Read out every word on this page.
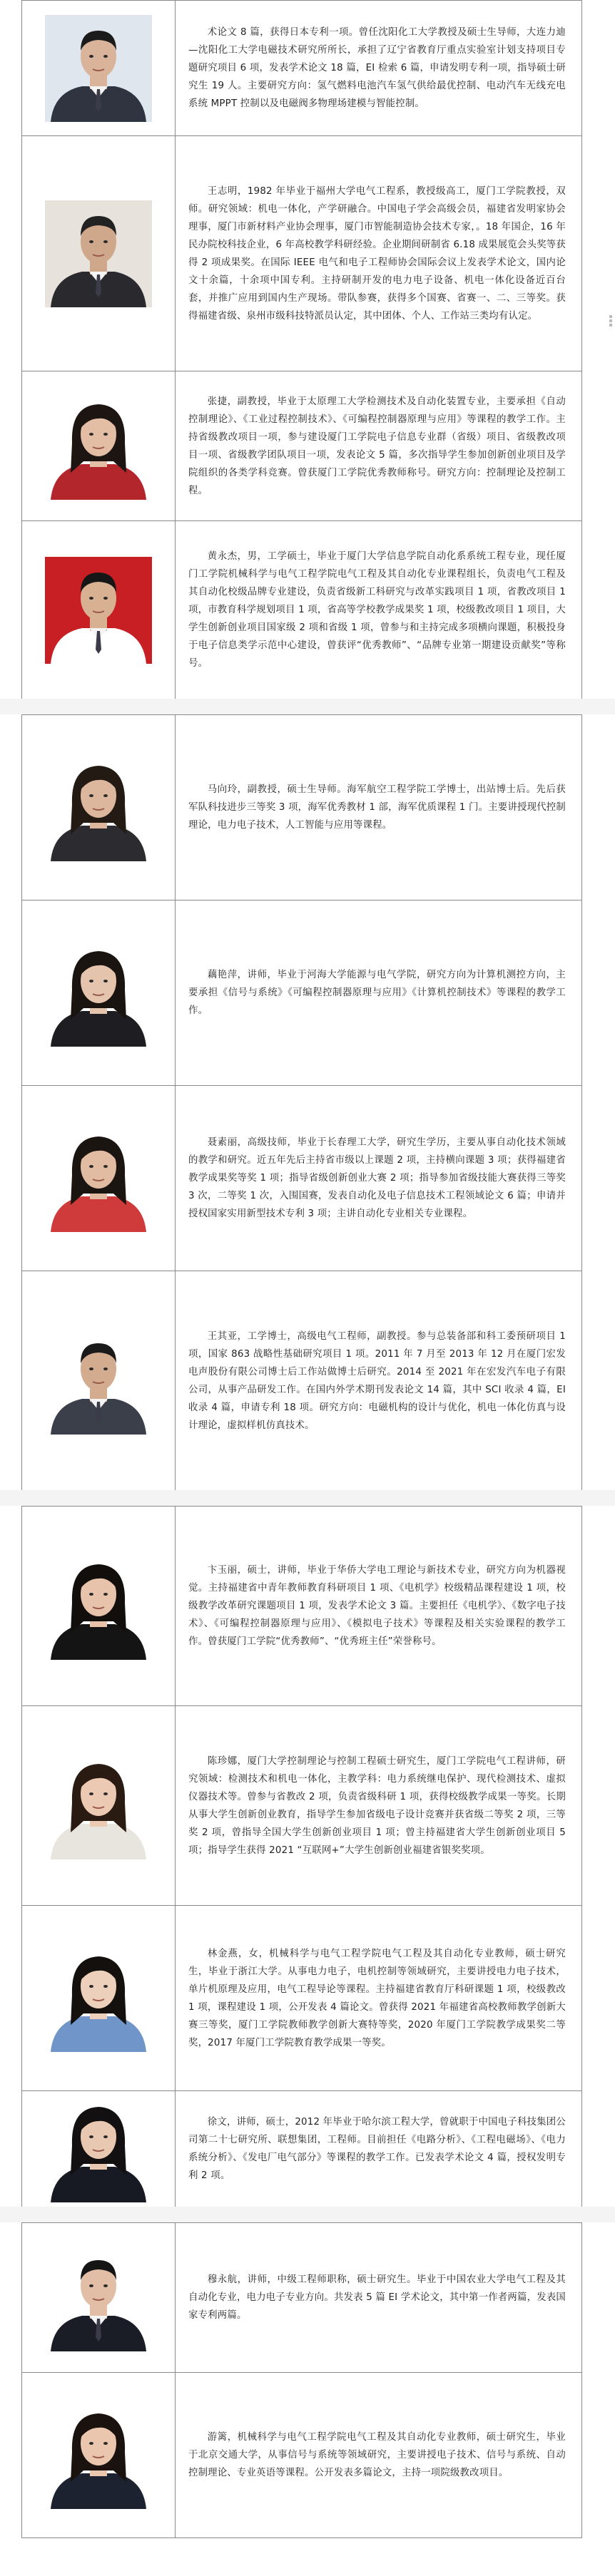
术论文 8 篇，获得日本专利一项。曾任沈阳化工大学教授及硕士生导师，大连力迪—沈阳化工大学电磁技术研究所所长，承担了辽宁省教育厅重点实验室计划支持项目专题研究项目 6 项，发表学术论文 18 篇，EI 检索 6 篇，申请发明专利一项，指导硕士研究生 19 人。主要研究方向：氢气燃料电池汽车氢气供给最优控制、电动汽车无线充电系统 MPPT 控制以及电磁阀多物理场建模与智能控制。

王志明，1982 年毕业于福州大学电气工程系，教授级高工，厦门工学院教授，双师。研究领域：机电一体化，产学研融合。中国电子学会高级会员，福建省发明家协会理事，厦门市新材料产业协会理事，厦门市智能制造协会技术专家，。18 年国企，16 年民办院校科技企业，6 年高校教学科研经验。企业期间研制省 6.18 成果展览会头奖等获得 2 项成果奖。在国际 IEEE 电气和电子工程师协会国际会议上发表学术论文，国内论文十余篇，十余项中国专利。主持研制开发的电力电子设备、机电一体化设备近百台套，并推广应用到国内生产现场。带队参赛，获得多个国赛、省赛一、二、三等奖。获得福建省级、泉州市级科技特派员认定，其中团体、个人、工作站三类均有认定。

张捷，副教授，毕业于太原理工大学检测技术及自动化装置专业，主要承担《自动控制理论》、《工业过程控制技术》、《可编程控制器原理与应用》等课程的教学工作。主持省级教改项目一项，参与建设厦门工学院电子信息专业群（省级）项目、省级教改项目一项、省级教学团队项目一项，发表论文 5 篇，多次指导学生参加创新创业项目及学院组织的各类学科竞赛。曾获厦门工学院优秀教师称号。研究方向：控制理论及控制工程。

黄永杰，男，工学硕士，毕业于厦门大学信息学院自动化系系统工程专业，现任厦门工学院机械科学与电气工程学院电气工程及其自动化专业课程组长，负责电气工程及其自动化校级品牌专业建设，负责省级新工科研究与改革实践项目 1 项，省教改项目 1 项，市教育科学规划项目 1 项，省高等学校教学成果奖 1 项，校级教改项目 1 项目，大学生创新创业项目国家级 2 项和省级 1 项，曾参与和主持完成多项横向课题，积极投身于电子信息类学示范中心建设，曾获评“优秀教师”、“品牌专业第一期建设贡献奖”等称号。

马向玲，副教授，硕士生导师。海军航空工程学院工学博士，出站博士后。先后获军队科技进步三等奖 3 项，海军优秀教材 1 部，海军优质课程 1 门。主要讲授现代控制理论，电力电子技术，人工智能与应用等课程。

藕艳萍，讲师，毕业于河海大学能源与电气学院，研究方向为计算机测控方向，主要承担《信号与系统》《可编程控制器原理与应用》《计算机控制技术》等课程的教学工作。

聂素丽，高级技师，毕业于长春理工大学，研究生学历，主要从事自动化技术领域的教学和研究。近五年先后主持省市级以上课题 2 项，主持横向课题 3 项；获得福建省教学成果奖等奖 1 项；指导省级创新创业大赛 2 项；指导参加省级技能大赛获得三等奖 3 次，二等奖 1 次，入围国赛，发表自动化及电子信息技术工程领域论文 6 篇；申请并授权国家实用新型技术专利 3 项；主讲自动化专业相关专业课程。

王其亚，工学博士，高级电气工程师，副教授。参与总装备部和科工委预研项目 1 项，国家 863 战略性基础研究项目 1 项。2011 年 7 月至 2013 年 12 月在厦门宏发电声股份有限公司博士后工作站做博士后研究。2014 至 2021 年在宏发汽车电子有限公司，从事产品研发工作。在国内外学术期刊发表论文 14 篇，其中 SCI 收录 4 篇，EI 收录 4 篇，申请专利 18 项。研究方向：电磁机构的设计与优化，机电一体化仿真与设计理论，虚拟样机仿真技术。

卞玉丽，硕士，讲师，毕业于华侨大学电工理论与新技术专业，研究方向为机器视觉。主持福建省中青年教师教育科研项目 1 项、《电机学》校级精品课程建设 1 项，校级教学改革研究课题项目 1 项，发表学术论文 3 篇。主要担任《电机学》、《数字电子技术》、《可编程控制器原理与应用》、《模拟电子技术》等课程及相关实验课程的教学工作。曾获厦门工学院“优秀教师”、“优秀班主任”荣誉称号。

陈珍娜，厦门大学控制理论与控制工程硕士研究生，厦门工学院电气工程讲师，研究领域：检测技术和机电一体化，主教学科：电力系统继电保护、现代检测技术、虚拟仪器技术等。曾参与省教改 2 项，负责省级科研 1 项，获得校级教学成果一等奖。长期从事大学生创新创业教育，指导学生参加省级电子设计竞赛并获省级二等奖 2 项，三等奖 2 项，曾指导全国大学生创新创业项目 1 项；曾主持福建省大学生创新创业项目 5 项；指导学生获得 2021 “互联网+”大学生创新创业福建省银奖奖项。

林金燕，女，机械科学与电气工程学院电气工程及其自动化专业教师，硕士研究生，毕业于浙江大学。从事电力电子，电机控制等领域研究，主要讲授电力电子技术，单片机原理及应用，电气工程导论等课程。主持福建省教育厅科研课题 1 项，校级教改 1 项，课程建设 1 项，公开发表 4 篇论文。曾获得 2021 年福建省高校教师教学创新大赛三等奖，厦门工学院教师教学创新大赛特等奖，2020 年厦门工学院教学成果奖二等奖，2017 年厦门工学院教育教学成果一等奖。

徐文，讲师，硕士，2012 年毕业于哈尔滨工程大学，曾就职于中国电子科技集团公司第二十七研究所、联想集团，工程师。目前担任《电路分析》、《工程电磁场》、《电力系统分析》、《发电厂电气部分》等课程的教学工作。已发表学术论文 4 篇，授权发明专利 2 项。

穆永航，讲师，中级工程师职称，硕士研究生。毕业于中国农业大学电气工程及其自动化专业，电力电子专业方向。共发表 5 篇 EI 学术论文，其中第一作者两篇，发表国家专利两篇。

游篱，机械科学与电气工程学院电气工程及其自动化专业教师，硕士研究生，毕业于北京交通大学，从事信号与系统等领域研究，主要讲授电子技术、信号与系统、自动控制理论、专业英语等课程。公开发表多篇论文，主持一项院级教改项目。
